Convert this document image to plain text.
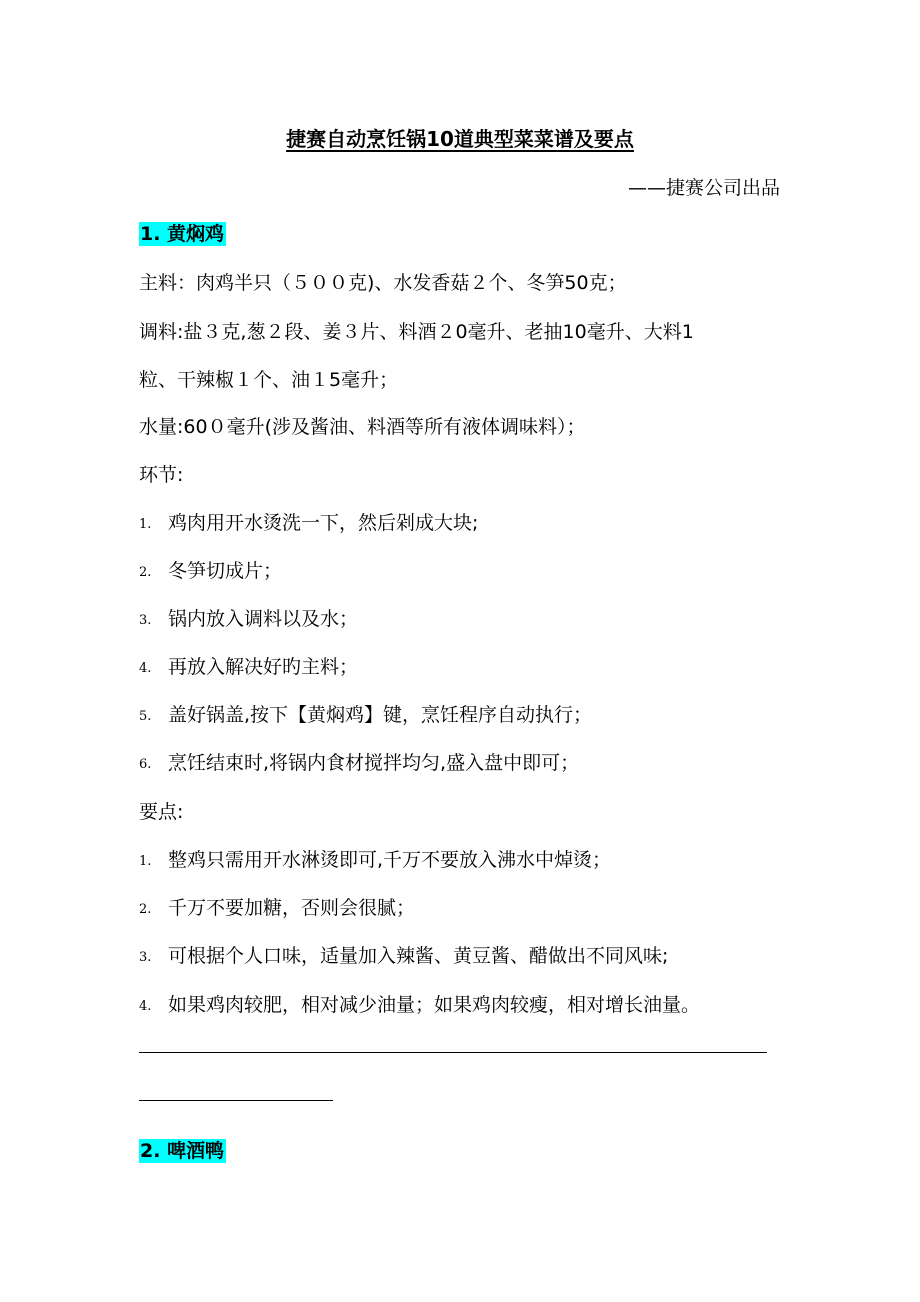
捷赛自动烹饪锅10道典型菜菜谱及要点
——捷赛公司出品
1. 黄焖鸡
主料：肉鸡半只（５００克)、水发香菇２个、冬笋50克；
调料:盐３克,葱２段、姜３片、料酒２0毫升、老抽10毫升、大料1
粒、干辣椒１个、油１5毫升；
水量:60０毫升(涉及酱油、料酒等所有液体调味料）；
环节:
1. 鸡肉用开水烫洗一下，然后剁成大块;
2. 冬笋切成片；
3. 锅内放入调料以及水；
4. 再放入解决好旳主料；
5. 盖好锅盖,按下【黄焖鸡】键，烹饪程序自动执行；
6. 烹饪结束时,将锅内食材搅拌均匀,盛入盘中即可；
要点:
1. 整鸡只需用开水淋烫即可,千万不要放入沸水中焯烫；
2. 千万不要加糖，否则会很腻；
3. 可根据个人口味，适量加入辣酱、黄豆酱、醋做出不同风味;
4. 如果鸡肉较肥，相对减少油量；如果鸡肉较瘦，相对增长油量。
2. 啤酒鸭
